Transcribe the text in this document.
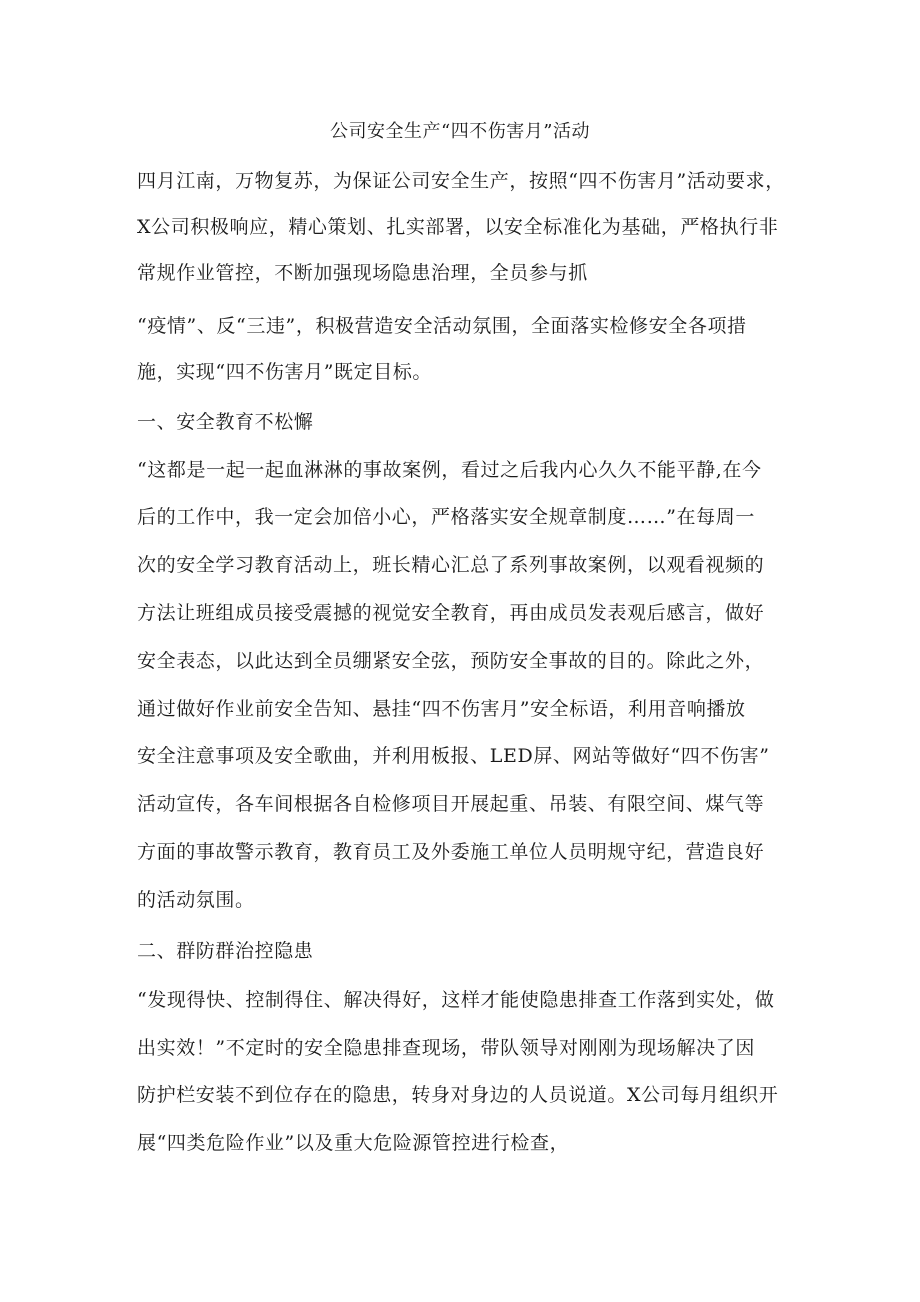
公司安全生产“四不伤害月”活动
四月江南，万物复苏，为保证公司安全生产，按照“四不伤害月”活动要求，
X公司积极响应，精心策划、扎实部署，以安全标准化为基础，严格执行非
常规作业管控，不断加强现场隐患治理，全员参与抓
“疫情”、反“三违”，积极营造安全活动氛围，全面落实检修安全各项措
施，实现“四不伤害月”既定目标。
一、安全教育不松懈
“这都是一起一起血淋淋的事故案例，看过之后我内心久久不能平静,在今
后的工作中，我一定会加倍小心，严格落实安全规章制度……”在每周一
次的安全学习教育活动上，班长精心汇总了系列事故案例，以观看视频的
方法让班组成员接受震撼的视觉安全教育，再由成员发表观后感言，做好
安全表态，以此达到全员绷紧安全弦，预防安全事故的目的。除此之外，
通过做好作业前安全告知、悬挂“四不伤害月”安全标语，利用音响播放
安全注意事项及安全歌曲，并利用板报、LED屏、网站等做好“四不伤害”
活动宣传，各车间根据各自检修项目开展起重、吊装、有限空间、煤气等
方面的事故警示教育，教育员工及外委施工单位人员明规守纪，营造良好
的活动氛围。
二、群防群治控隐患
“发现得快、控制得住、解决得好，这样才能使隐患排查工作落到实处，做
出实效！”不定时的安全隐患排查现场，带队领导对刚刚为现场解决了因
防护栏安装不到位存在的隐患，转身对身边的人员说道。X公司每月组织开
展“四类危险作业”以及重大危险源管控进行检查，
